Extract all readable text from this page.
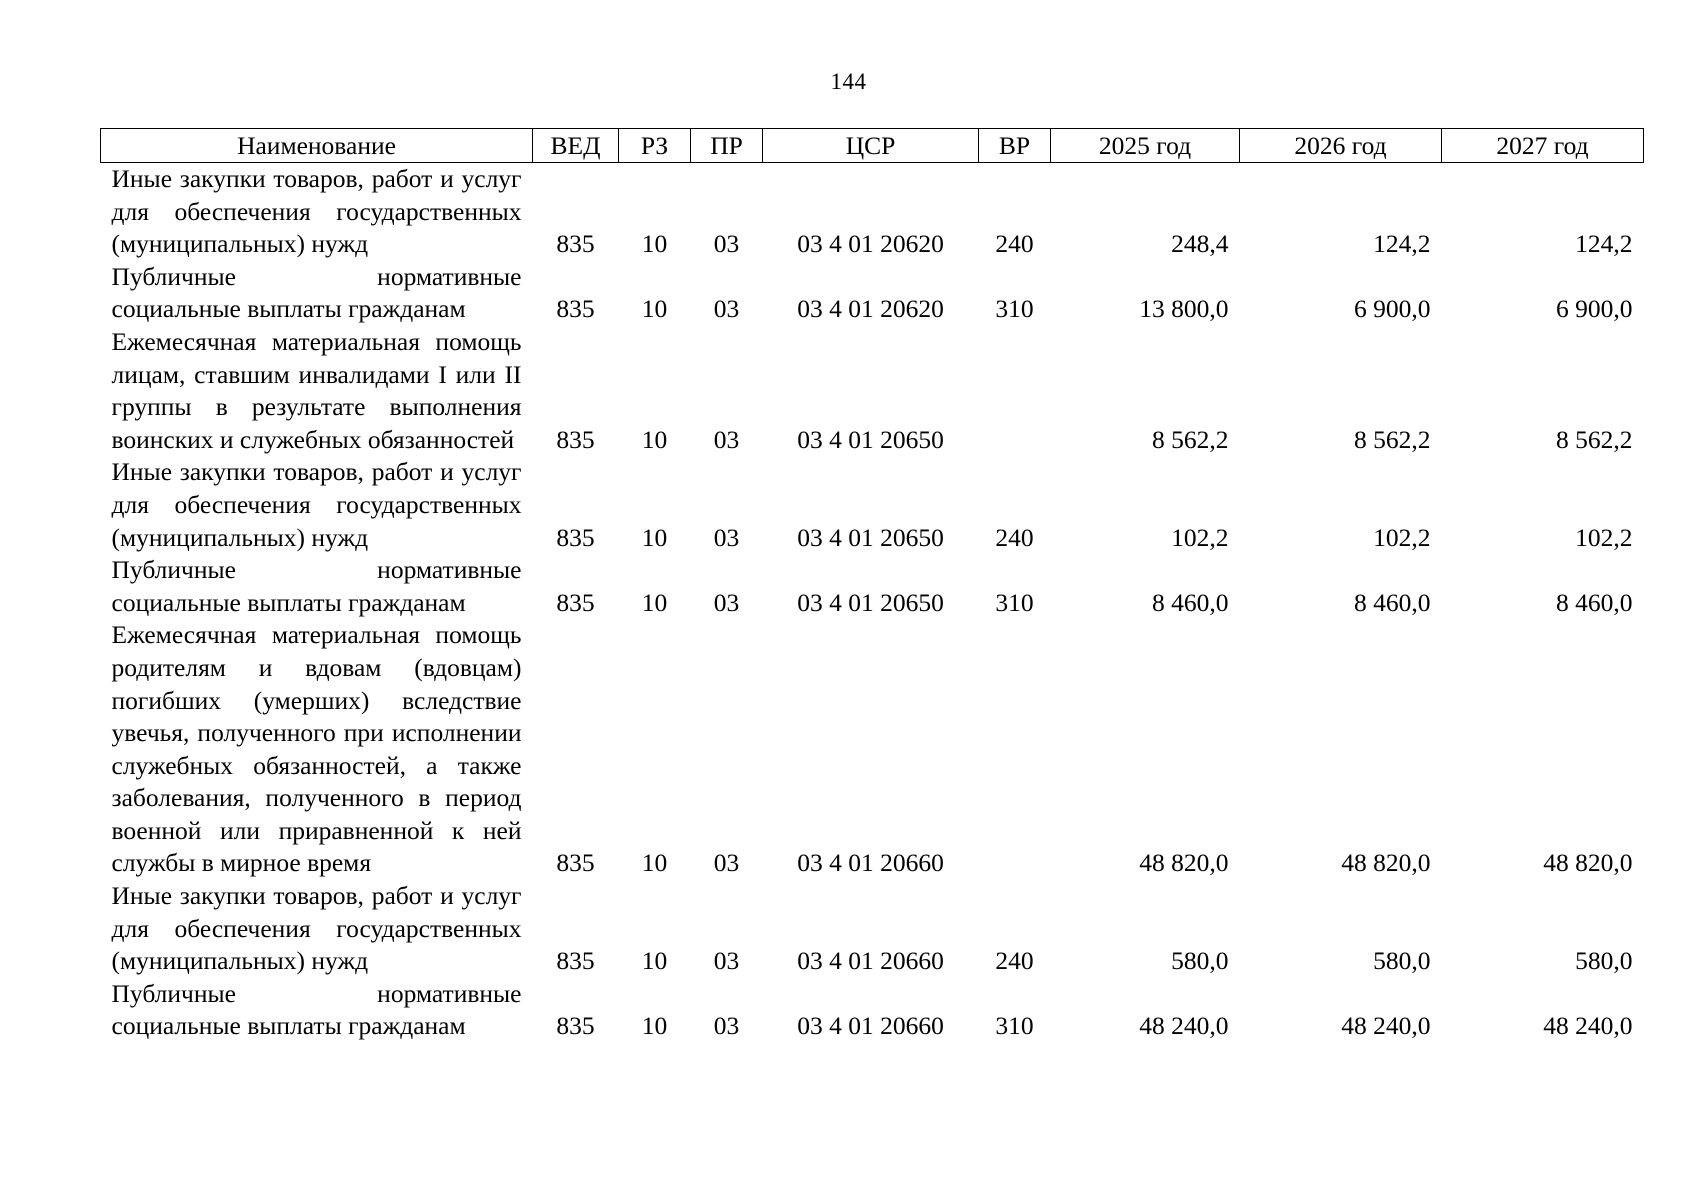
144
Наименование	ВЕД	РЗ	ПР	ЦСР	ВР	2025 год	2026 год	2027 год
Иные закупки товаров, работ и услуг для обеспечения государственных (муниципальных) нужд	835	10	03	03 4 01 20620	240	248,4	124,2	124,2
Публичные нормативные социальные выплаты гражданам	835	10	03	03 4 01 20620	310	13 800,0	6 900,0	6 900,0
Ежемесячная материальная помощь лицам, ставшим инвалидами I или II группы в результате выполнения воинских и служебных обязанностей	835	10	03	03 4 01 20650		8 562,2	8 562,2	8 562,2
Иные закупки товаров, работ и услуг для обеспечения государственных (муниципальных) нужд	835	10	03	03 4 01 20650	240	102,2	102,2	102,2
Публичные нормативные социальные выплаты гражданам	835	10	03	03 4 01 20650	310	8 460,0	8 460,0	8 460,0
Ежемесячная материальная помощь родителям и вдовам (вдовцам) погибших (умерших) вследствие увечья, полученного при исполнении служебных обязанностей, а также заболевания, полученного в период военной или приравненной к ней службы в мирное время	835	10	03	03 4 01 20660		48 820,0	48 820,0	48 820,0
Иные закупки товаров, работ и услуг для обеспечения государственных (муниципальных) нужд	835	10	03	03 4 01 20660	240	580,0	580,0	580,0
Публичные нормативные социальные выплаты гражданам	835	10	03	03 4 01 20660	310	48 240,0	48 240,0	48 240,0
